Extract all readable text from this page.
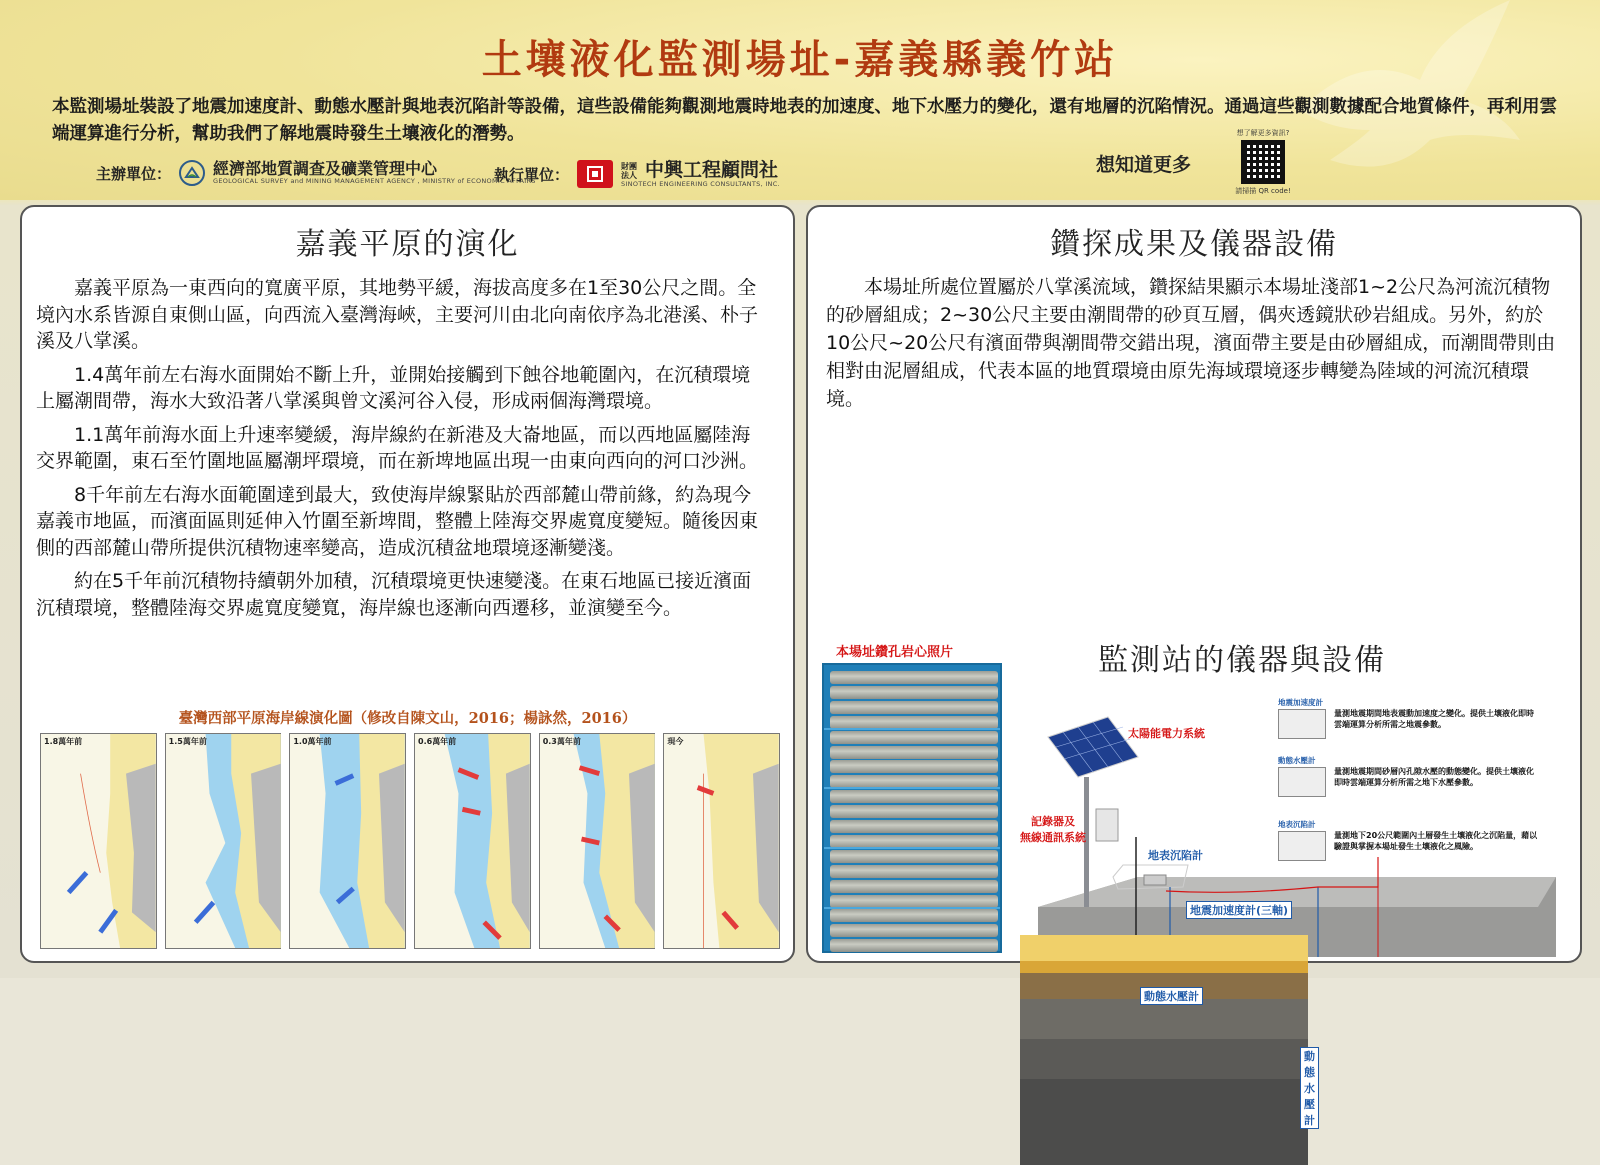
土壤液化監測場址-嘉義縣義竹站
本監測場址裝設了地震加速度計、動態水壓計與地表沉陷計等設備，這些設備能夠觀測地震時地表的加速度、地下水壓力的變化，還有地層的沉陷情況。通過這些觀測數據配合地質條件，再利用雲端運算進行分析，幫助我們了解地震時發生土壤液化的潛勢。
主辦單位：	經濟部地質調查及礦業管理中心
GEOLOGICAL SURVEY and MINING MANAGEMENT AGENCY , MINISTRY of ECONOMIC AFFAIRS
執行單位：	財團法人 中興工程顧問社
SINOTECH ENGINEERING CONSULTANTS, INC.
想知道更多
想了解更多資訊?
請掃描 QR code!
嘉義平原的演化

嘉義平原為一東西向的寬廣平原，其地勢平緩，海拔高度多在1至30公尺之間。全境內水系皆源自東側山區，向西流入臺灣海峽，主要河川由北向南依序為北港溪、朴子溪及八掌溪。

1.4萬年前左右海水面開始不斷上升，並開始接觸到下蝕谷地範圍內，在沉積環境上屬潮間帶，海水大致沿著八掌溪與曾文溪河谷入侵，形成兩個海灣環境。

1.1萬年前海水面上升速率變緩，海岸線約在新港及大崙地區，而以西地區屬陸海交界範圍，東石至竹圍地區屬潮坪環境，而在新埤地區出現一由東向西向的河口沙洲。

8千年前左右海水面範圍達到最大，致使海岸線緊貼於西部麓山帶前緣，約為現今嘉義市地區，而濱面區則延伸入竹圍至新埤間，整體上陸海交界處寬度變短。隨後因東側的西部麓山帶所提供沉積物速率變高，造成沉積盆地環境逐漸變淺。

約在5千年前沉積物持續朝外加積，沉積環境更快速變淺。在東石地區已接近濱面沉積環境，整體陸海交界處寬度變寬，海岸線也逐漸向西遷移，並演變至今。

臺灣西部平原海岸線演化圖（修改自陳文山，2016；楊詠然，2016）
1.8萬年前	1.5萬年前	1.0萬年前	0.6萬年前	0.3萬年前	現今
鑽探成果及儀器設備

本場址所處位置屬於八掌溪流域，鑽探結果顯示本場址淺部1~2公尺為河流沉積物的砂層組成；2~30公尺主要由潮間帶的砂頁互層，偶夾透鏡狀砂岩組成。另外，約於10公尺~20公尺有濱面帶與潮間帶交錯出現，濱面帶主要是由砂層組成，而潮間帶則由相對由泥層組成，代表本區的地質環境由原先海域環境逐步轉變為陸域的河流沉積環境。

本場址鑽孔岩心照片	監測站的儀器與設備
太陽能電力系統
記錄器及
無線通訊系統
地表沉陷計
地震加速度計(三軸)
地震加速度計
量測地震期間地表震動加速度之變化。提供土壤液化即時雲端運算分析所需之地震參數。
動態水壓計
量測地震期間砂層內孔隙水壓的動態變化。提供土壤液化即時雲端運算分析所需之地下水壓參數。
地表沉陷計
量測地下20公尺範圍內土層發生土壤液化之沉陷量，藉以驗證與掌握本場址發生土壤液化之風險。
動態水壓計
動態水壓計
